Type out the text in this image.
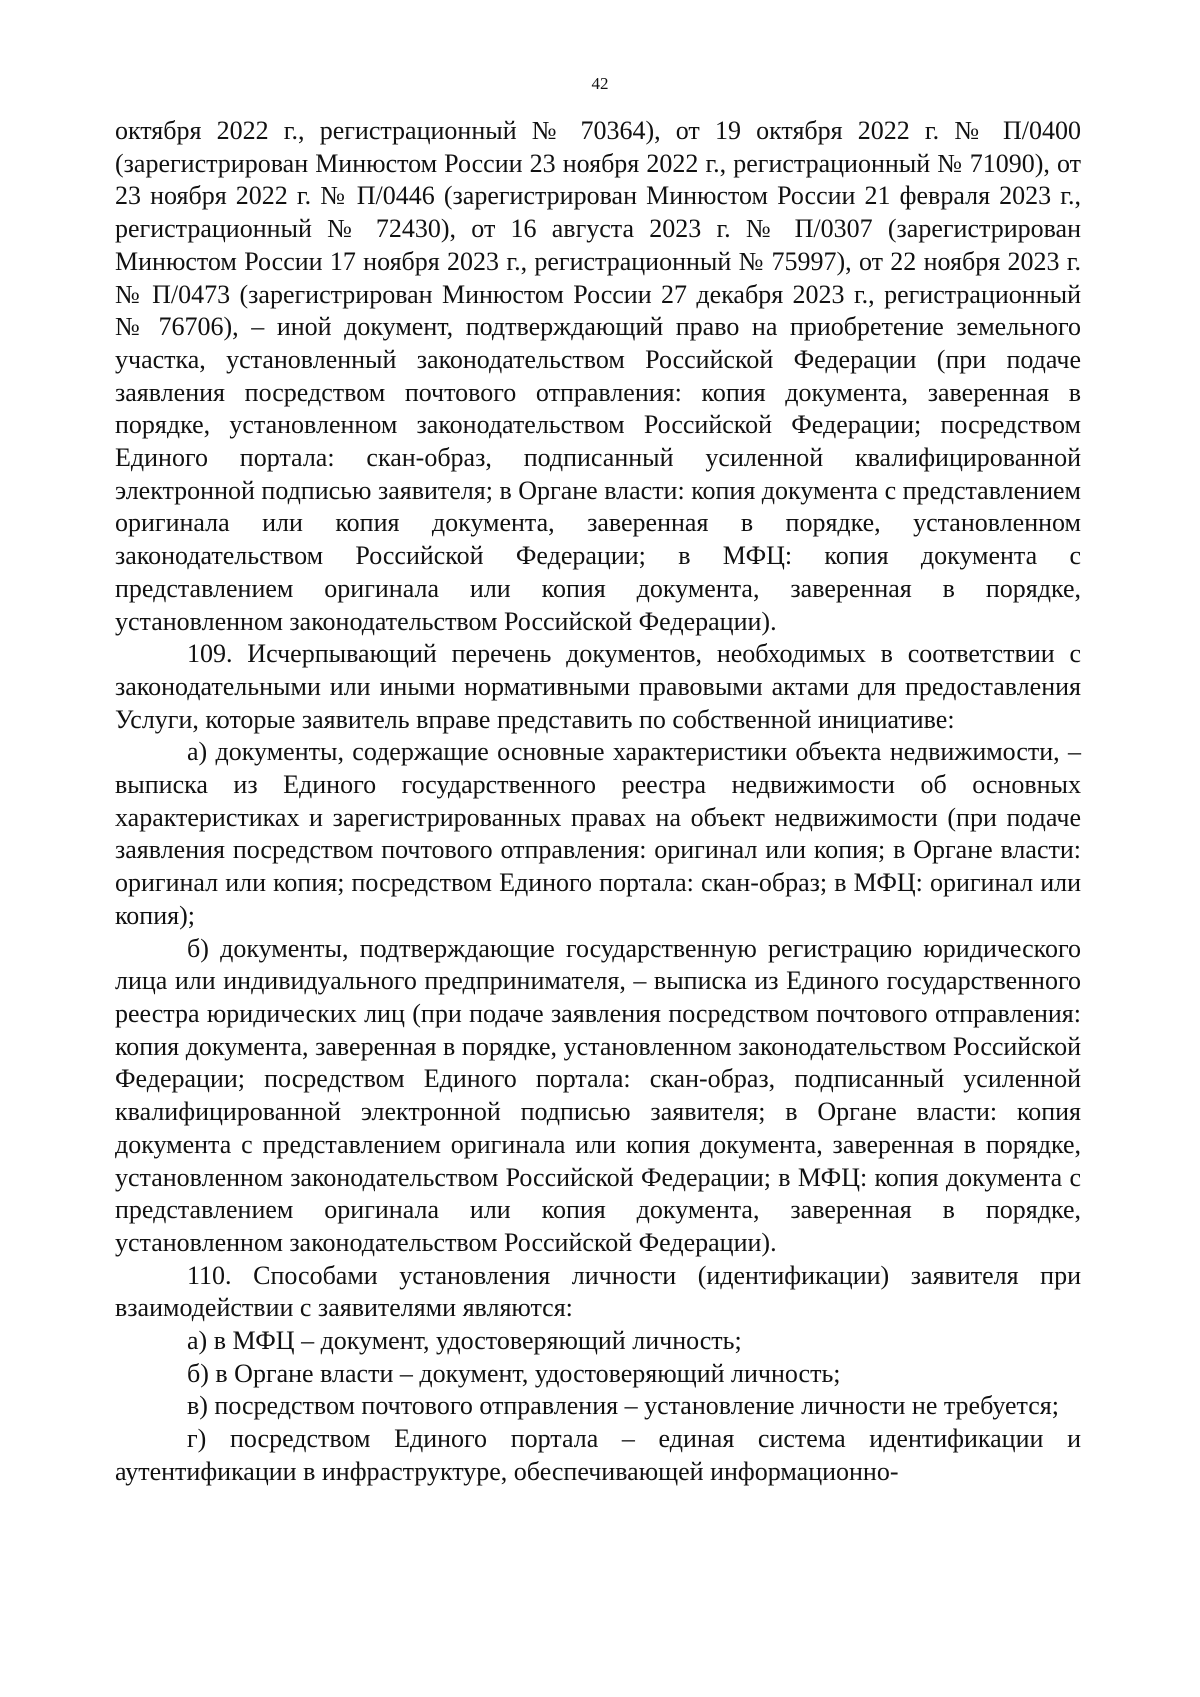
42

октября 2022 г., регистрационный № 70364), от 19 октября 2022 г. № П/0400 (зарегистрирован Минюстом России 23 ноября 2022 г., регистрационный № 71090), от 23 ноября 2022 г. № П/0446 (зарегистрирован Минюстом России 21 февраля 2023 г., регистрационный № 72430), от 16 августа 2023 г. № П/0307 (зарегистрирован Минюстом России 17 ноября 2023 г., регистрационный № 75997), от 22 ноября 2023 г. № П/0473 (зарегистрирован Минюстом России 27 декабря 2023 г., регистрационный № 76706), – иной документ, подтверждающий право на приобретение земельного участка, установленный законодательством Российской Федерации (при подаче заявления посредством почтового отправления: копия документа, заверенная в порядке, установленном законодательством Российской Федерации; посредством Единого портала: скан-образ, подписанный усиленной квалифицированной электронной подписью заявителя; в Органе власти: копия документа с представлением оригинала или копия документа, заверенная в порядке, установленном законодательством Российской Федерации; в МФЦ: копия документа с представлением оригинала или копия документа, заверенная в порядке, установленном законодательством Российской Федерации).

109. Исчерпывающий перечень документов, необходимых в соответствии с законодательными или иными нормативными правовыми актами для предоставления Услуги, которые заявитель вправе представить по собственной инициативе:

а) документы, содержащие основные характеристики объекта недвижимости, – выписка из Единого государственного реестра недвижимости об основных характеристиках и зарегистрированных правах на объект недвижимости (при подаче заявления посредством почтового отправления: оригинал или копия; в Органе власти: оригинал или копия; посредством Единого портала: скан-образ; в МФЦ: оригинал или копия);

б) документы, подтверждающие государственную регистрацию юридического лица или индивидуального предпринимателя, – выписка из Единого государственного реестра юридических лиц (при подаче заявления посредством почтового отправления: копия документа, заверенная в порядке, установленном законодательством Российской Федерации; посредством Единого портала: скан-образ, подписанный усиленной квалифицированной электронной подписью заявителя; в Органе власти: копия документа с представлением оригинала или копия документа, заверенная в порядке, установленном законодательством Российской Федерации; в МФЦ: копия документа с представлением оригинала или копия документа, заверенная в порядке, установленном законодательством Российской Федерации).

110. Способами установления личности (идентификации) заявителя при взаимодействии с заявителями являются:

а) в МФЦ – документ, удостоверяющий личность;

б) в Органе власти – документ, удостоверяющий личность;

в) посредством почтового отправления – установление личности не требуется;

г) посредством Единого портала – единая система идентификации и аутентификации в инфраструктуре, обеспечивающей информационно-
